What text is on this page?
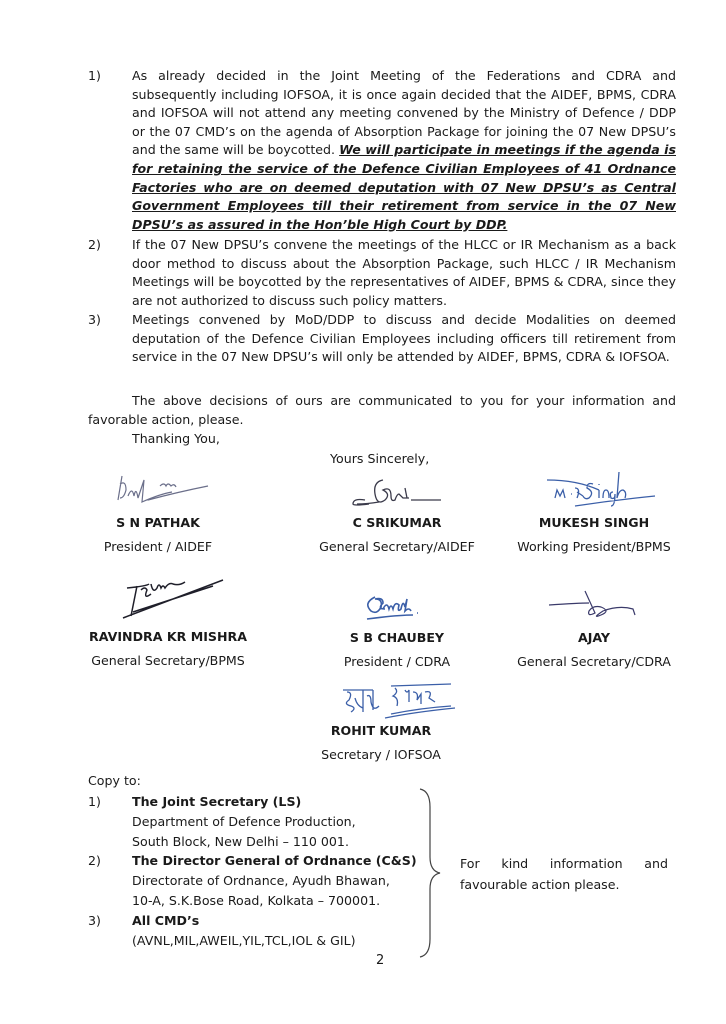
1)	As already decided in the Joint Meeting of the Federations and CDRA and subsequently including IOFSOA, it is once again decided that the AIDEF, BPMS, CDRA and IOFSOA will not attend any meeting convened by the Ministry of Defence / DDP or the 07 CMD’s on the agenda of Absorption Package for joining the 07 New DPSU’s and the same will be boycotted. We will participate in meetings if the agenda is for retaining the service of the Defence Civilian Employees of 41 Ordnance Factories who are on deemed deputation with 07 New DPSU’s as Central Government Employees till their retirement from service in the 07 New DPSU’s as assured in the Hon’ble High Court by DDP.
2)	If the 07 New DPSU’s convene the meetings of the HLCC or IR Mechanism as a back door method to discuss about the Absorption Package, such HLCC / IR Mechanism Meetings will be boycotted by the representatives of AIDEF, BPMS & CDRA, since they are not authorized to discuss such policy matters.
3)	Meetings convened by MoD/DDP to discuss and decide Modalities on deemed deputation of the Defence Civilian Employees including officers till retirement from service in the 07 New DPSU’s will only be attended by AIDEF, BPMS, CDRA & IOFSOA.
The above decisions of ours are communicated to you for your information and
favorable action, please.
Thanking You,
Yours Sincerely,
S N PATHAK
President / AIDEF
C SRIKUMAR
General Secretary/AIDEF
MUKESH SINGH
Working President/BPMS
RAVINDRA KR MISHRA
General Secretary/BPMS
S B CHAUBEY
President / CDRA
AJAY
General Secretary/CDRA
ROHIT KUMAR
Secretary / IOFSOA
Copy to:
1) The Joint Secretary (LS)
Department of Defence Production,
South Block, New Delhi – 110 001.
2) The Director General of Ordnance (C&S)
Directorate of Ordnance, Ayudh Bhawan,
10-A, S.K.Bose Road, Kolkata – 700001.
3) All CMD’s
(AVNL,MIL,AWEIL,YIL,TCL,IOL & GIL)
For kind information and
favourable action please.
2
